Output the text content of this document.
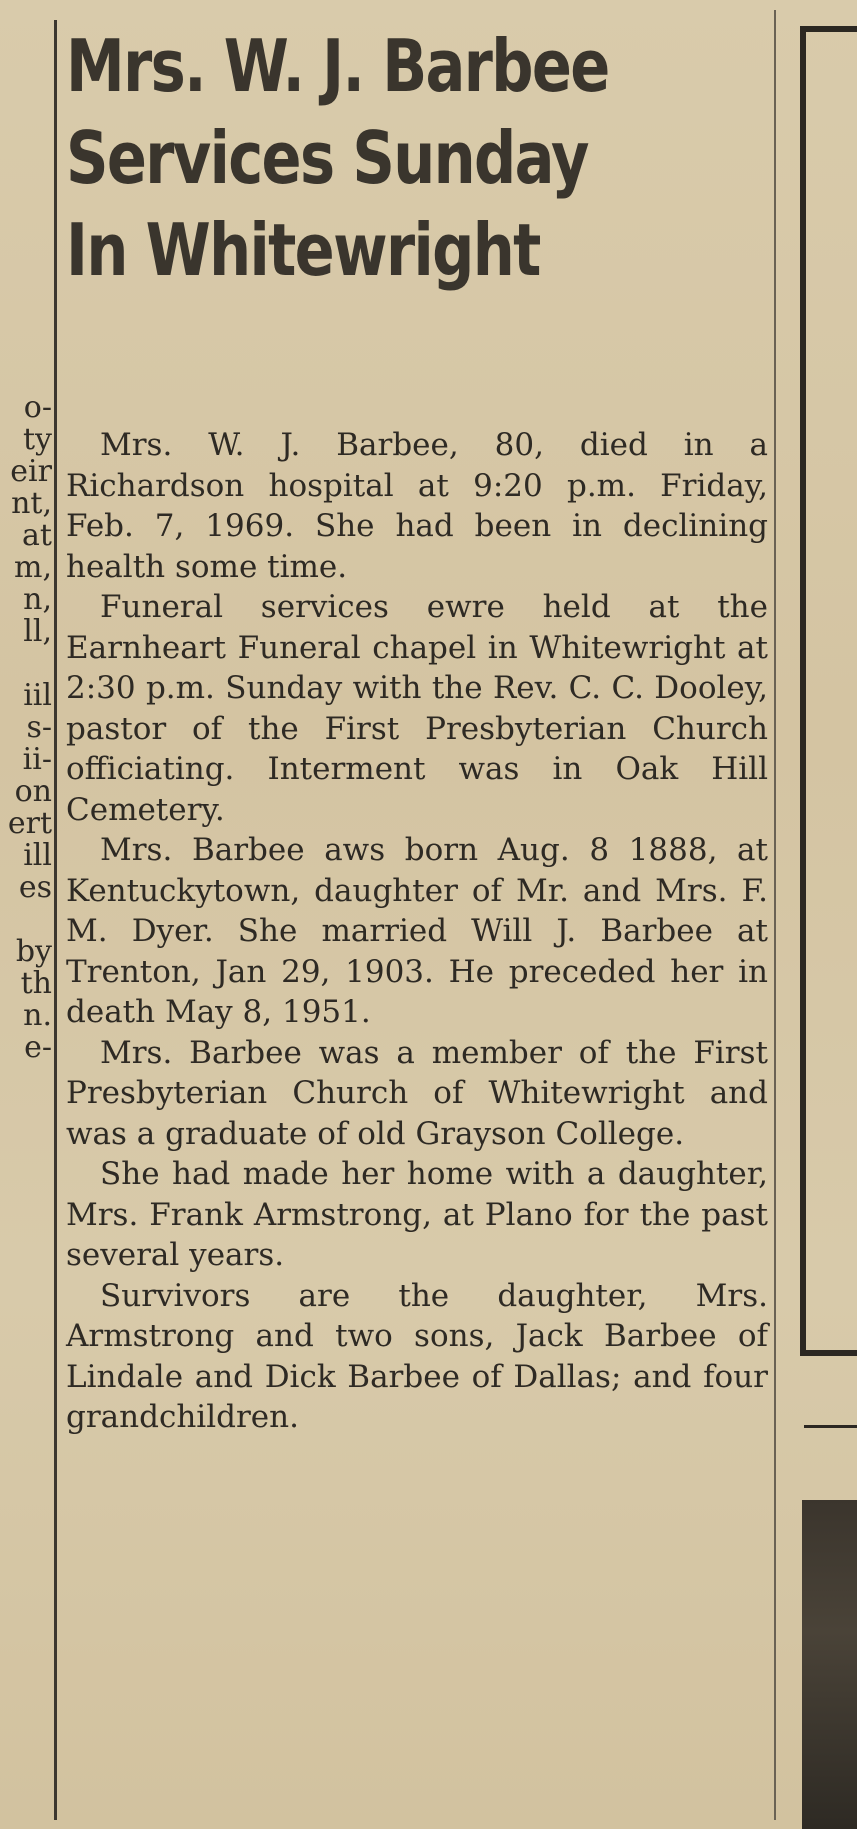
o-
ty
eir
nt,
at
m,
n,
ll,
iil
s-
ii-
on
ert
ill
es
by
th
n.
e-
Mrs. W. J. Barbee
Services Sunday
In Whitewright

Mrs. W. J. Barbee, 80, died in a Richardson hospital at 9:20 p.m. Friday, Feb. 7, 1969. She had been in declining health some time.

Funeral services ewre held at the Earnheart Funeral chapel in Whitewright at 2:30 p.m. Sunday with the Rev. C. C. Dooley, pastor of the First Presbyterian Church officiating. Interment was in Oak Hill Cemetery.

Mrs. Barbee aws born Aug. 8 1888, at Kentuckytown, daughter of Mr. and Mrs. F. M. Dyer. She married Will J. Barbee at Trenton, Jan 29, 1903. He preceded her in death May 8, 1951.

Mrs. Barbee was a member of the First Presbyterian Church of Whitewright and was a graduate of old Grayson College.

She had made her home with a daughter, Mrs. Frank Armstrong, at Plano for the past several years.

Survivors are the daughter, Mrs. Armstrong and two sons, Jack Barbee of Lindale and Dick Barbee of Dallas; and four grandchildren.
